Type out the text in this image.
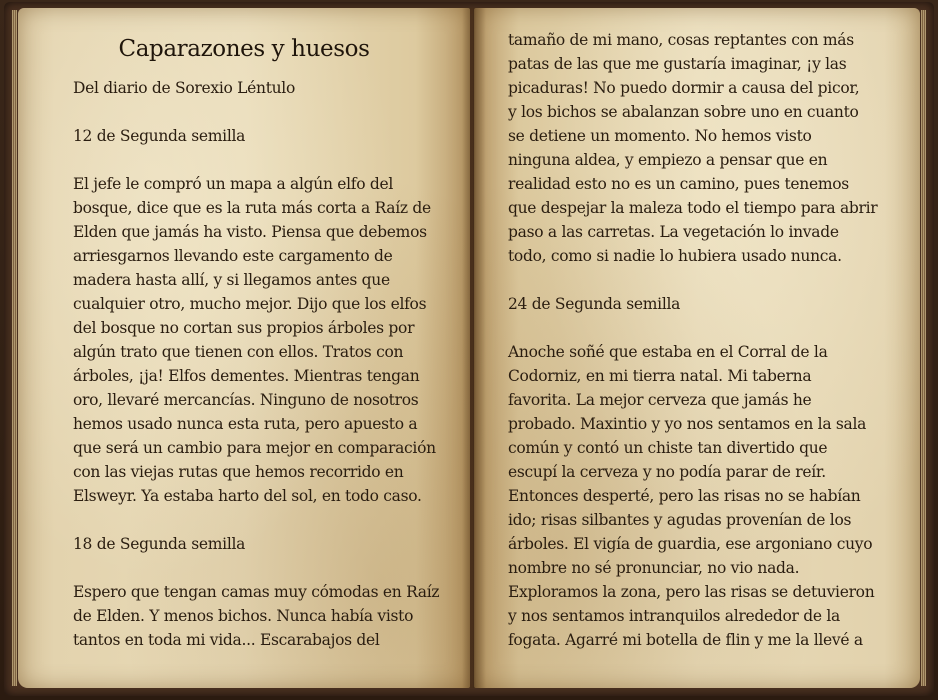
Caparazones y huesos
Del diario de Sorexio Léntulo
12 de Segunda semilla
El jefe le compró un mapa a algún elfo del
bosque, dice que es la ruta más corta a Raíz de
Elden que jamás ha visto. Piensa que debemos
arriesgarnos llevando este cargamento de
madera hasta allí, y si llegamos antes que
cualquier otro, mucho mejor. Dijo que los elfos
del bosque no cortan sus propios árboles por
algún trato que tienen con ellos. Tratos con
árboles, ¡ja! Elfos dementes. Mientras tengan
oro, llevaré mercancías. Ninguno de nosotros
hemos usado nunca esta ruta, pero apuesto a
que será un cambio para mejor en comparación
con las viejas rutas que hemos recorrido en
Elsweyr. Ya estaba harto del sol, en todo caso.
18 de Segunda semilla
Espero que tengan camas muy cómodas en Raíz
de Elden. Y menos bichos. Nunca había visto
tantos en toda mi vida... Escarabajos del
tamaño de mi mano, cosas reptantes con más
patas de las que me gustaría imaginar, ¡y las
picaduras! No puedo dormir a causa del picor,
y los bichos se abalanzan sobre uno en cuanto
se detiene un momento. No hemos visto
ninguna aldea, y empiezo a pensar que en
realidad esto no es un camino, pues tenemos
que despejar la maleza todo el tiempo para abrir
paso a las carretas. La vegetación lo invade
todo, como si nadie lo hubiera usado nunca.
24 de Segunda semilla
Anoche soñé que estaba en el Corral de la
Codorniz, en mi tierra natal. Mi taberna
favorita. La mejor cerveza que jamás he
probado. Maxintio y yo nos sentamos en la sala
común y contó un chiste tan divertido que
escupí la cerveza y no podía parar de reír.
Entonces desperté, pero las risas no se habían
ido; risas silbantes y agudas provenían de los
árboles. El vigía de guardia, ese argoniano cuyo
nombre no sé pronunciar, no vio nada.
Exploramos la zona, pero las risas se detuvieron
y nos sentamos intranquilos alrededor de la
fogata. Agarré mi botella de flin y me la llevé a
